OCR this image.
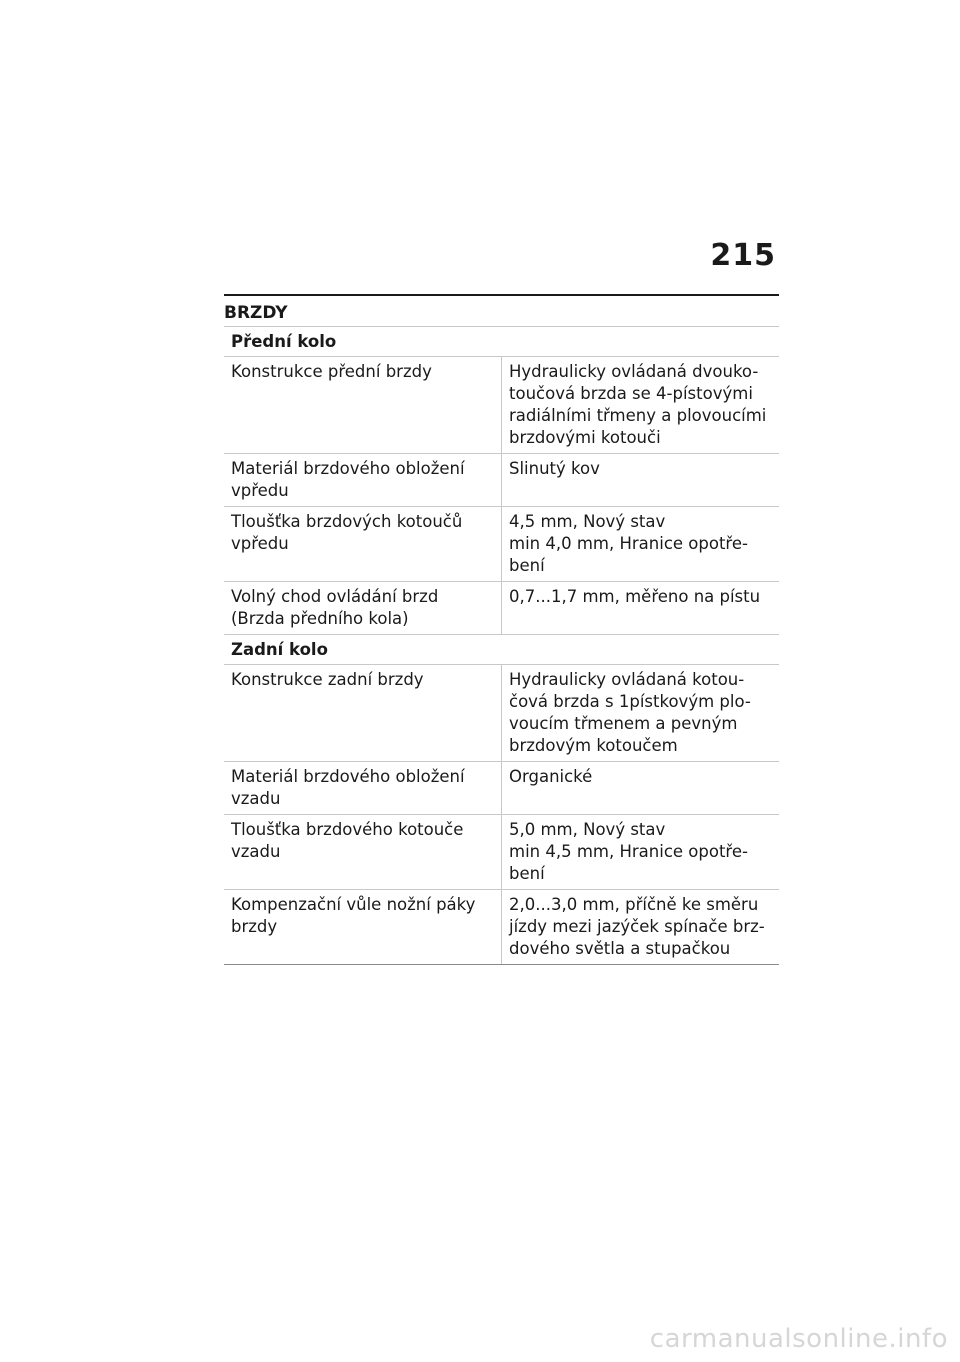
215
BRZDY
Přední kolo	
Konstrukce přední brzdy	Hydraulicky ovládaná dvouko-
toučová brzda se 4-pístovými
radiálními třmeny a plovoucími
brzdovými kotouči
Materiál brzdového obložení
vpředu	Slinutý kov
Tloušťka brzdových kotoučů
vpředu	4,5 mm, Nový stav
min 4,0 mm, Hranice opotře-
bení
Volný chod ovládání brzd
(Brzda předního kola)	0,7...1,7 mm, měřeno na pístu
Zadní kolo	
Konstrukce zadní brzdy	Hydraulicky ovládaná kotou-
čová brzda s 1pístkovým plo-
voucím třmenem a pevným
brzdovým kotoučem
Materiál brzdového obložení
vzadu	Organické
Tloušťka brzdového kotouče
vzadu	5,0 mm, Nový stav
min 4,5 mm, Hranice opotře-
bení
Kompenzační vůle nožní páky
brzdy	2,0...3,0 mm, příčně ke směru
jízdy mezi jazýček spínače brz-
dového světla a stupačkou
carmanualsonline.info
